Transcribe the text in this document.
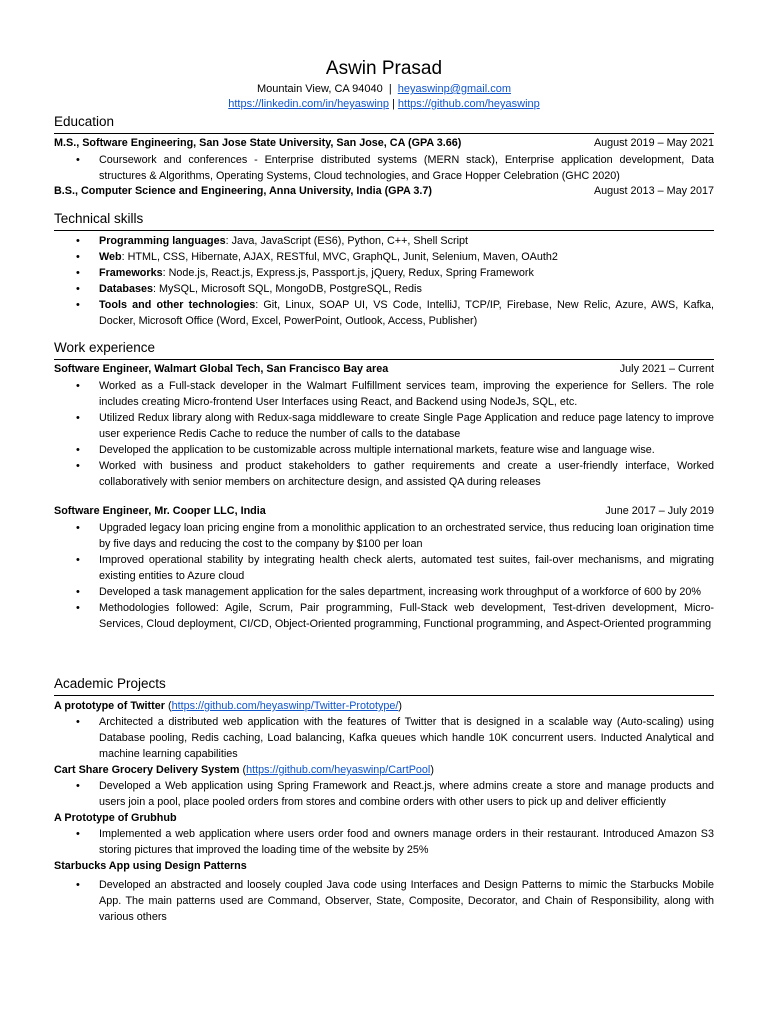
Aswin Prasad
Mountain View, CA 94040 | heyaswinp@gmail.com
https://linkedin.com/in/heyaswinp | https://github.com/heyaswinp
Education
M.S., Software Engineering, San Jose State University, San Jose, CA (GPA 3.66)	August 2019 – May 2021
• Coursework and conferences - Enterprise distributed systems (MERN stack), Enterprise application development, Data structures & Algorithms, Operating Systems, Cloud technologies, and Grace Hopper Celebration (GHC 2020)
B.S., Computer Science and Engineering, Anna University, India (GPA 3.7)	August 2013 – May 2017
Technical skills
• Programming languages: Java, JavaScript (ES6), Python, C++, Shell Script
• Web: HTML, CSS, Hibernate, AJAX, RESTful, MVC, GraphQL, Junit, Selenium, Maven, OAuth2
• Frameworks: Node.js, React.js, Express.js, Passport.js, jQuery, Redux, Spring Framework
• Databases: MySQL, Microsoft SQL, MongoDB, PostgreSQL, Redis
• Tools and other technologies: Git, Linux, SOAP UI, VS Code, IntelliJ, TCP/IP, Firebase, New Relic, Azure, AWS, Kafka, Docker, Microsoft Office (Word, Excel, PowerPoint, Outlook, Access, Publisher)
Work experience
Software Engineer, Walmart Global Tech, San Francisco Bay area	July 2021 – Current
• Worked as a Full-stack developer in the Walmart Fulfillment services team, improving the experience for Sellers. The role includes creating Micro-frontend User Interfaces using React, and Backend using NodeJs, SQL, etc.
• Utilized Redux library along with Redux-saga middleware to create Single Page Application and reduce page latency to improve user experience Redis Cache to reduce the number of calls to the database
• Developed the application to be customizable across multiple international markets, feature wise and language wise.
• Worked with business and product stakeholders to gather requirements and create a user-friendly interface, Worked collaboratively with senior members on architecture design, and assisted QA during releases
Software Engineer, Mr. Cooper LLC, India	June 2017 – July 2019
• Upgraded legacy loan pricing engine from a monolithic application to an orchestrated service, thus reducing loan origination time by five days and reducing the cost to the company by $100 per loan
• Improved operational stability by integrating health check alerts, automated test suites, fail-over mechanisms, and migrating existing entities to Azure cloud
• Developed a task management application for the sales department, increasing work throughput of a workforce of 600 by 20%
• Methodologies followed: Agile, Scrum, Pair programming, Full-Stack web development, Test-driven development, Micro-Services, Cloud deployment, CI/CD, Object-Oriented programming, Functional programming, and Aspect-Oriented programming
Academic Projects
A prototype of Twitter (https://github.com/heyaswinp/Twitter-Prototype/)
• Architected a distributed web application with the features of Twitter that is designed in a scalable way (Auto-scaling) using Database pooling, Redis caching, Load balancing, Kafka queues which handle 10K concurrent users. Inducted Analytical and machine learning capabilities
Cart Share Grocery Delivery System (https://github.com/heyaswinp/CartPool)
• Developed a Web application using Spring Framework and React.js, where admins create a store and manage products and users join a pool, place pooled orders from stores and combine orders with other users to pick up and deliver efficiently
A Prototype of Grubhub
• Implemented a web application where users order food and owners manage orders in their restaurant. Introduced Amazon S3 storing pictures that improved the loading time of the website by 25%
Starbucks App using Design Patterns
• Developed an abstracted and loosely coupled Java code using Interfaces and Design Patterns to mimic the Starbucks Mobile App. The main patterns used are Command, Observer, State, Composite, Decorator, and Chain of Responsibility, along with various others
